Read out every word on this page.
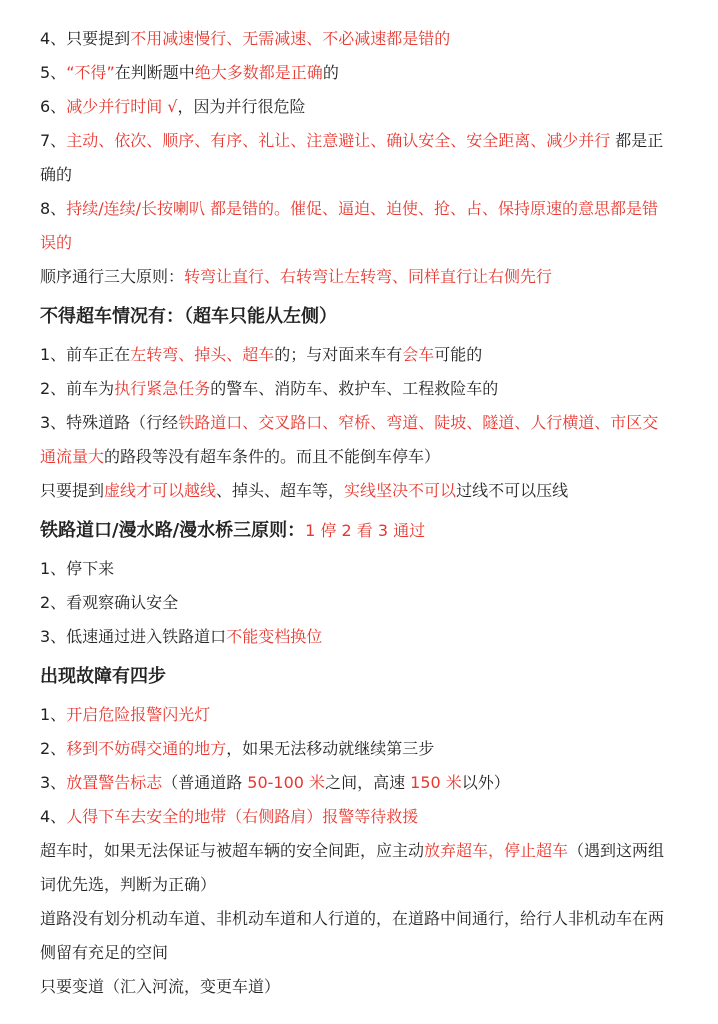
4、只要提到不用减速慢行、无需减速、不必减速都是错的
5、“不得”在判断题中绝大多数都是正确的
6、减少并行时间 √，因为并行很危险
7、主动、依次、顺序、有序、礼让、注意避让、确认安全、安全距离、减少并行 都是正确的
8、持续/连续/长按喇叭 都是错的。催促、逼迫、迫使、抢、占、保持原速的意思都是错误的
顺序通行三大原则：转弯让直行、右转弯让左转弯、同样直行让右侧先行
不得超车情况有：（超车只能从左侧）
1、前车正在左转弯、掉头、超车的；与对面来车有会车可能的
2、前车为执行紧急任务的警车、消防车、救护车、工程救险车的
3、特殊道路（行经铁路道口、交叉路口、窄桥、弯道、陡坡、隧道、人行横道、市区交通流量大的路段等没有超车条件的。而且不能倒车停车）
只要提到虚线才可以越线、掉头、超车等，实线坚决不可以过线不可以压线
铁路道口/漫水路/漫水桥三原则：1 停 2 看 3 通过
1、停下来
2、看观察确认安全
3、低速通过进入铁路道口不能变档换位
出现故障有四步
1、开启危险报警闪光灯
2、移到不妨碍交通的地方，如果无法移动就继续第三步
3、放置警告标志（普通道路 50-100 米之间，高速 150 米以外）
4、人得下车去安全的地带（右侧路肩）报警等待救援
超车时，如果无法保证与被超车辆的安全间距，应主动放弃超车，停止超车（遇到这两组词优先选，判断为正确）
道路没有划分机动车道、非机动车道和人行道的，在道路中间通行，给行人非机动车在两侧留有充足的空间
只要变道（汇入河流，变更车道）
